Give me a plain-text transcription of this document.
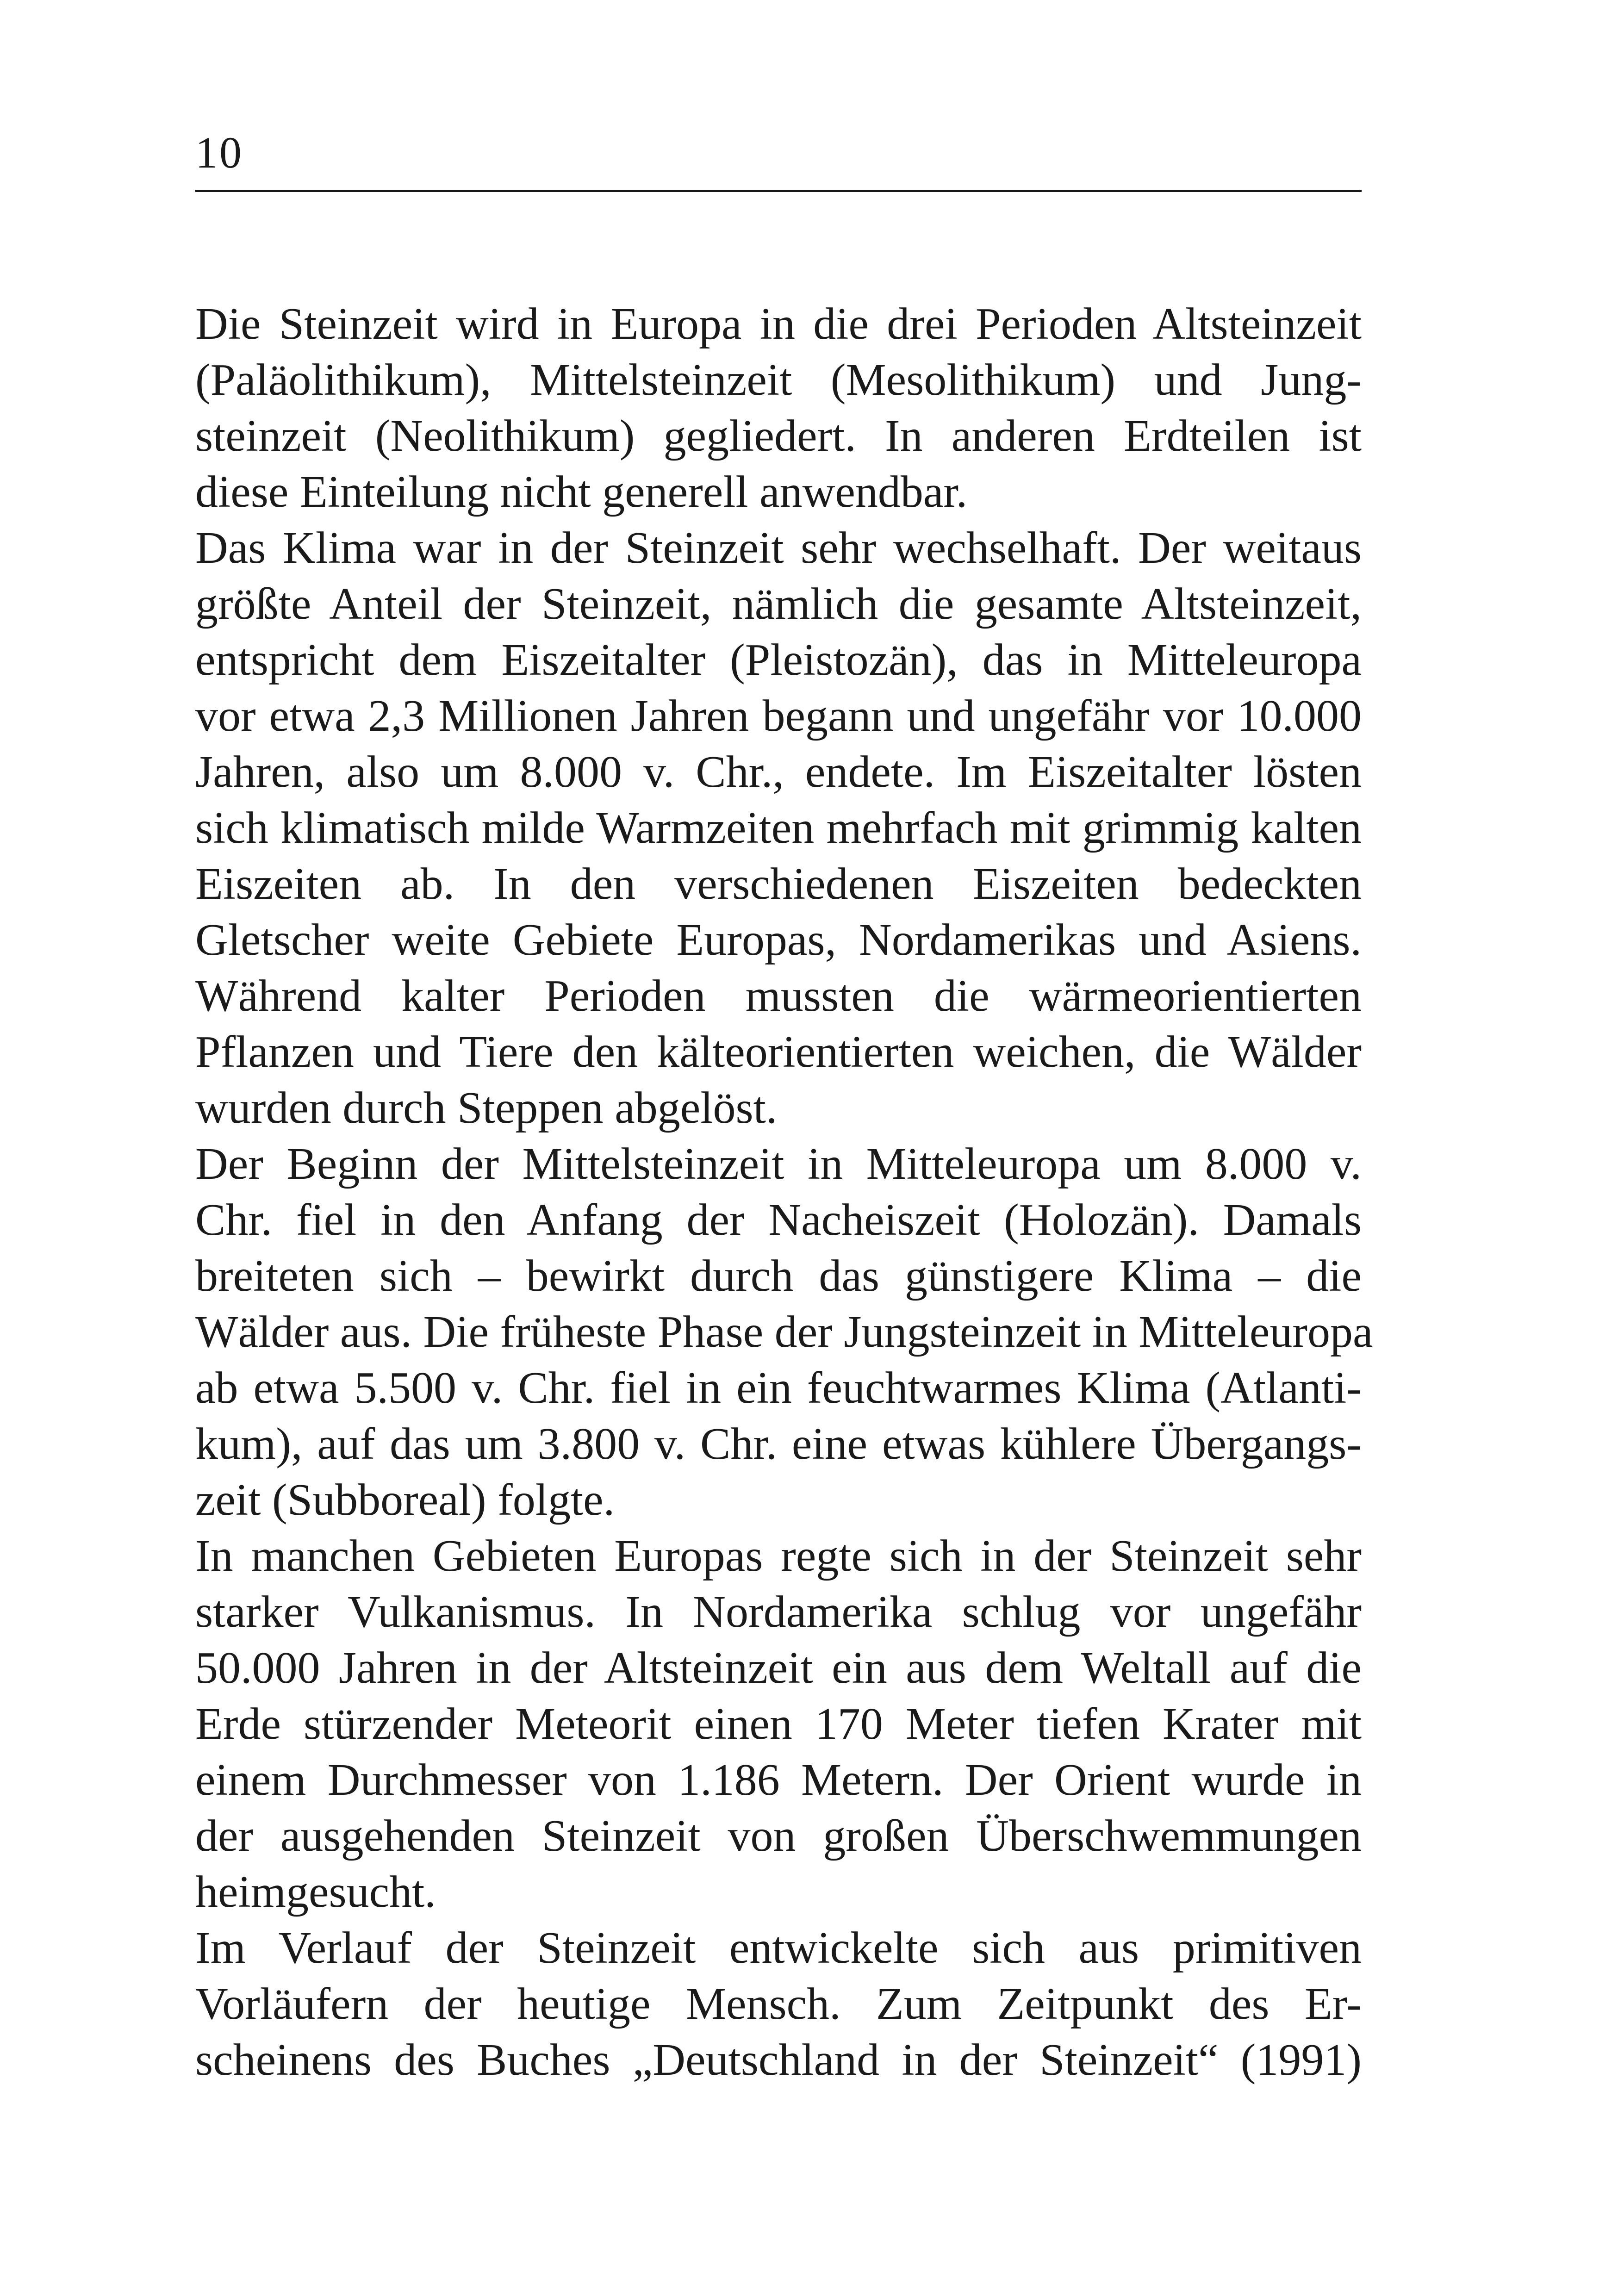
10
Die Steinzeit wird in Europa in die drei Perioden Altsteinzeit
(Paläolithikum), Mittelsteinzeit (Mesolithikum) und Jung-
steinzeit (Neolithikum) gegliedert. In anderen Erdteilen ist
diese Einteilung nicht generell anwendbar.
Das Klima war in der Steinzeit sehr wechselhaft. Der weitaus
größte Anteil der Steinzeit, nämlich die gesamte Altsteinzeit,
entspricht dem Eiszeitalter (Pleistozän), das in Mitteleuropa
vor etwa 2,3 Millionen Jahren begann und ungefähr vor 10.000
Jahren, also um 8.000 v. Chr., endete. Im Eiszeitalter lösten
sich klimatisch milde Warmzeiten mehrfach mit grimmig kalten
Eiszeiten ab. In den verschiedenen Eiszeiten bedeckten
Gletscher weite Gebiete Europas, Nordamerikas und Asiens.
Während kalter Perioden mussten die wärmeorientierten
Pflanzen und Tiere den kälteorientierten weichen, die Wälder
wurden durch Steppen abgelöst.
Der Beginn der Mittelsteinzeit in Mitteleuropa um 8.000 v.
Chr. fiel in den Anfang der Nacheiszeit (Holozän). Damals
breiteten sich – bewirkt durch das günstigere Klima – die
Wälder aus. Die früheste Phase der Jungsteinzeit in Mitteleuropa
ab etwa 5.500 v. Chr. fiel in ein feuchtwarmes Klima (Atlanti-
kum), auf das um 3.800 v. Chr. eine etwas kühlere Übergangs-
zeit (Subboreal) folgte.
In manchen Gebieten Europas regte sich in der Steinzeit sehr
starker Vulkanismus. In Nordamerika schlug vor ungefähr
50.000 Jahren in der Altsteinzeit ein aus dem Weltall auf die
Erde stürzender Meteorit einen 170 Meter tiefen Krater mit
einem Durchmesser von 1.186 Metern. Der Orient wurde in
der ausgehenden Steinzeit von großen Überschwemmungen
heimgesucht.
Im Verlauf der Steinzeit entwickelte sich aus primitiven
Vorläufern der heutige Mensch. Zum Zeitpunkt des Er-
scheinens des Buches „Deutschland in der Steinzeit“ (1991)
